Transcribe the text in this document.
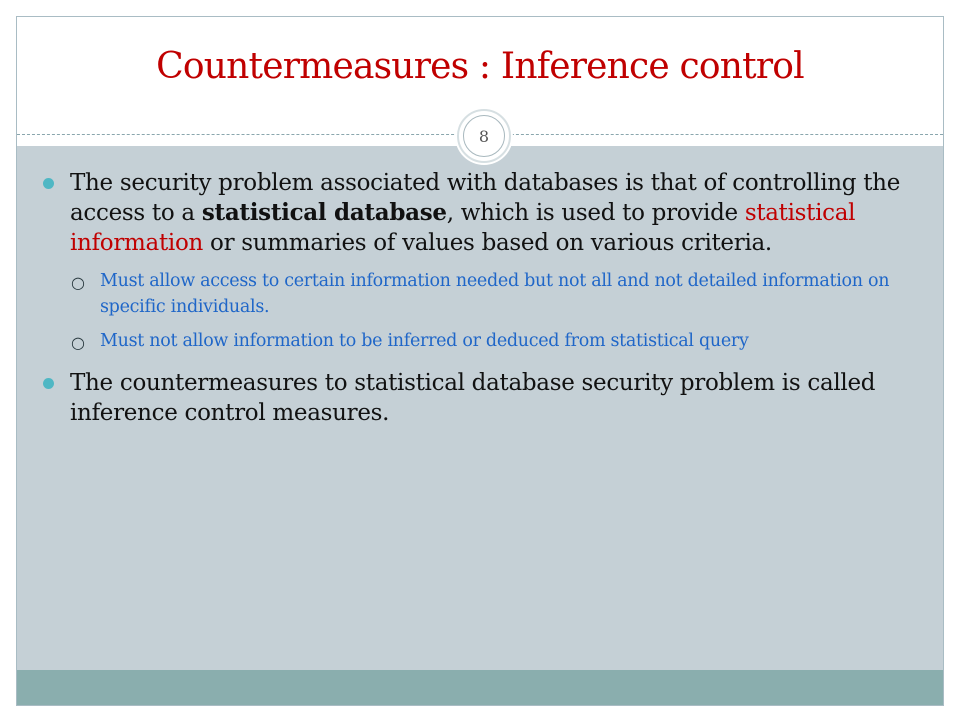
Countermeasures : Inference control
8
The security problem associated with databases is that of controlling the access to a statistical database, which is used to provide statistical information or summaries of values based on various criteria.
○ Must allow access to certain information needed but not all and not detailed information on specific individuals.
○ Must not allow information to be inferred or deduced from statistical query
The countermeasures to statistical database security problem is called inference control measures.
